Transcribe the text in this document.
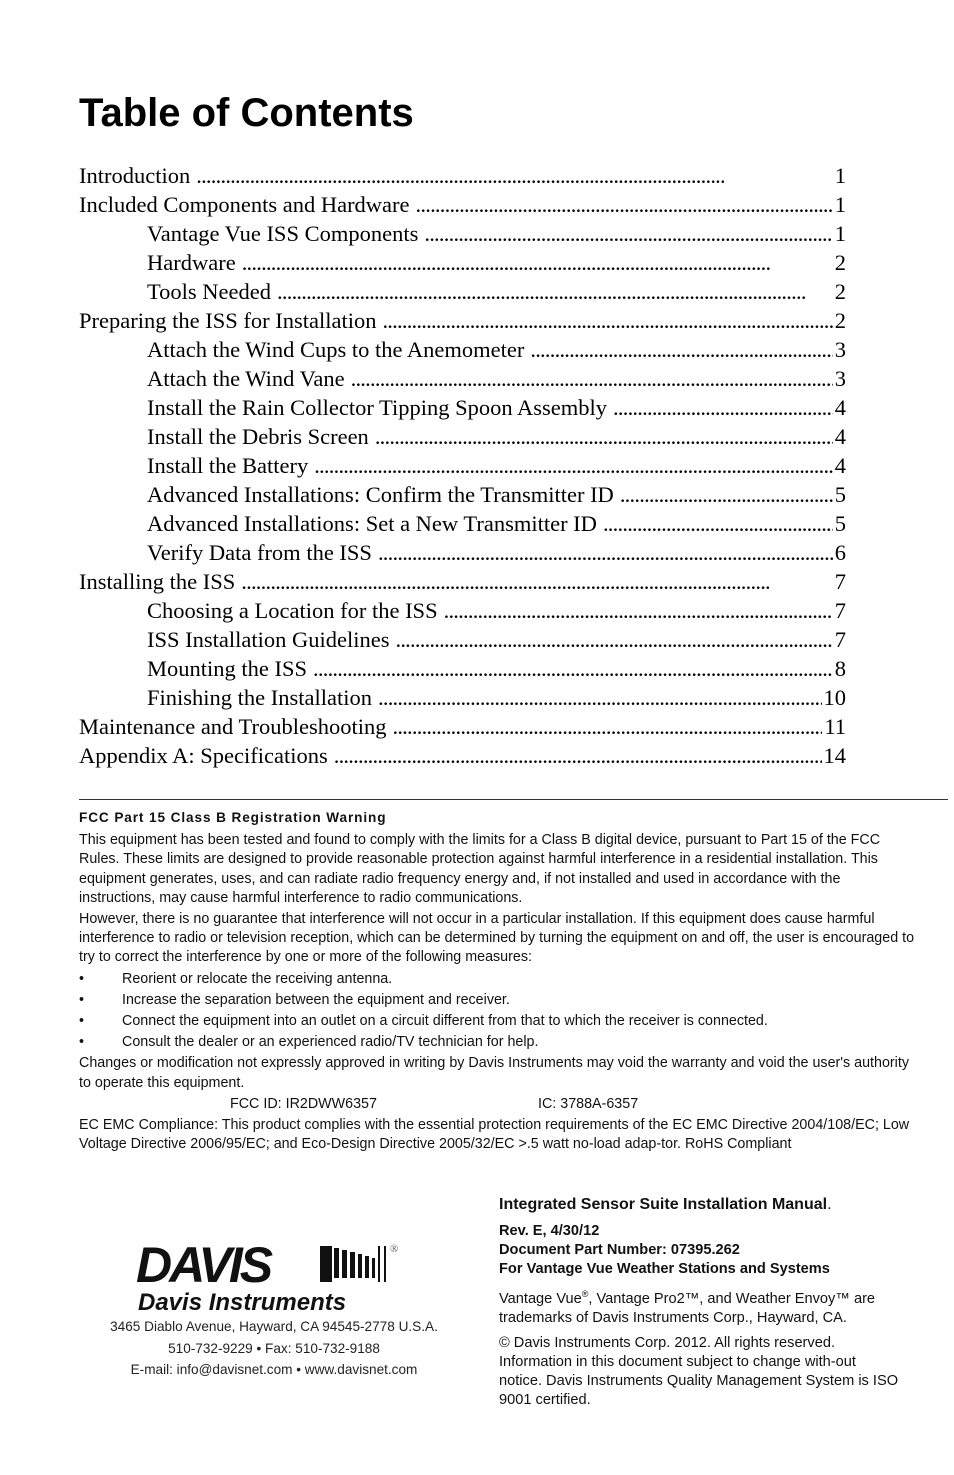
Table of Contents
Introduction . . .	1
Included Components and Hardware . . .	1
Vantage Vue ISS Components . . .	1
Hardware . . .	2
Tools Needed . . .	2
Preparing the ISS for Installation . . .	2
Attach the Wind Cups to the Anemometer . . .	3
Attach the Wind Vane . . .	3
Install the Rain Collector Tipping Spoon Assembly . . .	4
Install the Debris Screen . . .	4
Install the Battery . . .	4
Advanced Installations: Confirm the Transmitter ID . . .	5
Advanced Installations: Set a New Transmitter ID . . .	5
Verify Data from the ISS . . .	6
Installing the ISS . . .	7
Choosing a Location for the ISS . . .	7
ISS Installation Guidelines . . .	7
Mounting the ISS . . .	8
Finishing the Installation . . .	10
Maintenance and Troubleshooting . . .	11
Appendix A: Specifications . . .	14
FCC Part 15 Class B Registration Warning

This equipment has been tested and found to comply with the limits for a Class B digital device, pursuant to Part 15 of the FCC Rules. These limits are designed to provide reasonable protection against harmful interference in a residential installation. This equipment generates, uses, and can radiate radio frequency energy and, if not installed and used in accordance with the instructions, may cause harmful interference to radio communications.

However, there is no guarantee that interference will not occur in a particular installation. If this equipment does cause harmful interference to radio or television reception, which can be determined by turning the equipment on and off, the user is encouraged to try to correct the interference by one or more of the following measures:

•	Reorient or relocate the receiving antenna.
•	Increase the separation between the equipment and receiver.
•	Connect the equipment into an outlet on a circuit different from that to which the receiver is connected.
•	Consult the dealer or an experienced radio/TV technician for help.

Changes or modification not expressly approved in writing by Davis Instruments may void the warranty and void the user's authority to operate this equipment.

FCC ID: IR2DWW6357	IC: 3788A-6357

EC EMC Compliance: This product complies with the essential protection requirements of the EC EMC Directive 2004/108/EC; Low Voltage Directive 2006/95/EC; and Eco-Design Directive 2005/32/EC >.5 watt no-load adap-tor. RoHS Compliant

DAVIS	®
Davis Instruments
3465 Diablo Avenue, Hayward, CA 94545-2778 U.S.A.
510-732-9229 • Fax: 510-732-9188
E-mail: info@davisnet.com • www.davisnet.com
Integrated Sensor Suite Installation Manual.
Rev. E, 4/30/12
Document Part Number: 07395.262

For Vantage Vue Weather Stations and Systems

Vantage Vue®, Vantage Pro2™, and Weather Envoy™ are trademarks of Davis Instruments Corp., Hayward, CA.

© Davis Instruments Corp. 2012. All rights reserved.
Information in this document subject to change with-out notice. Davis Instruments Quality Management System is ISO 9001 certified.
